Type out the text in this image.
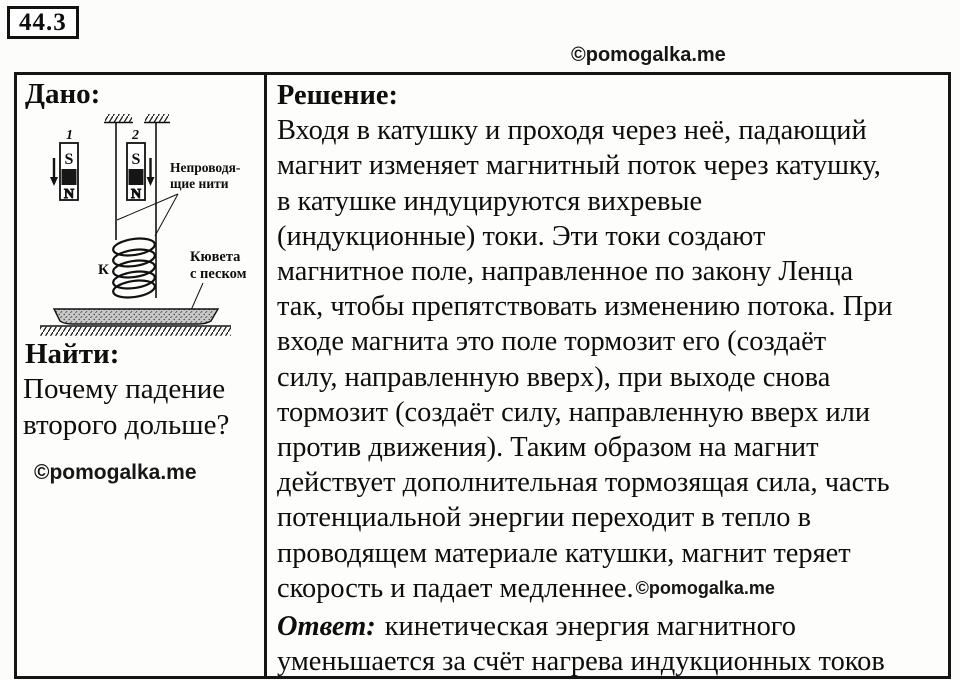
44.3
©pomogalka.me
Дано:
1
S
N
2
S
N
Непроводя-
щие нити
К
Кювета
с песком
Найти:
Почему падение
второго дольше?
©pomogalka.me
Решение:
Входя в катушку и проходя через неё, падающий
магнит изменяет магнитный поток через катушку,
в катушке индуцируются вихревые
(индукционные) токи. Эти токи создают
магнитное поле, направленное по закону Ленца
так, чтобы препятствовать изменению потока. При
входе магнита это поле тормозит его (создаёт
силу, направленную вверх), при выходе снова
тормозит (создаёт силу, направленную вверх или
против движения). Таким образом на магнит
действует дополнительная тормозящая сила, часть
потенциальной энергии переходит в тепло в
проводящем материале катушки, магнит теряет
скорость и падает медленнее. ©pomogalka.me
Ответ: кинетическая энергия магнитного
уменьшается за счёт нагрева индукционных токов
